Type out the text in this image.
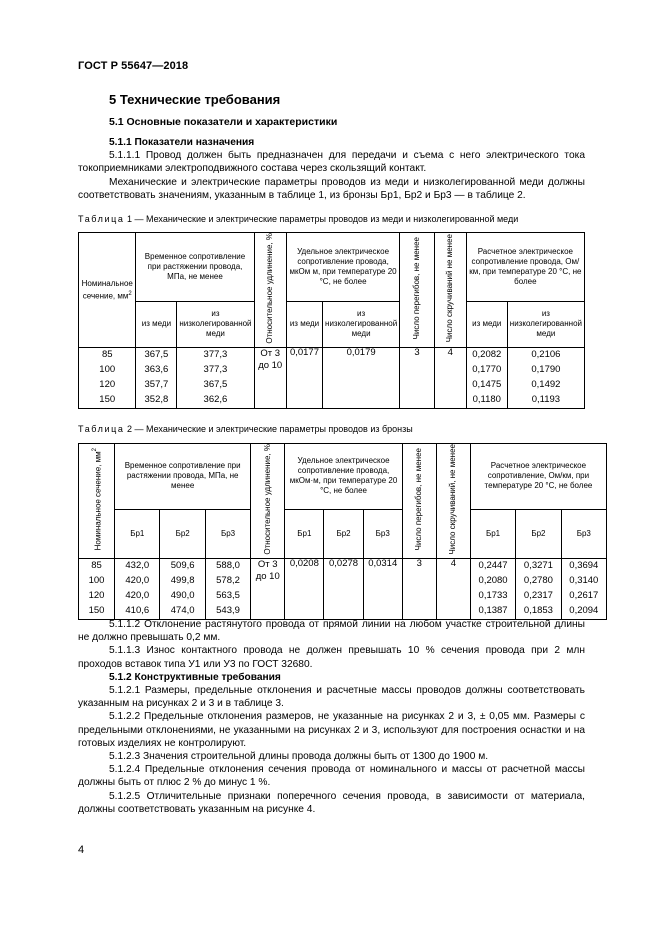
ГОСТ Р 55647—2018
5 Технические требования
5.1 Основные показатели и характеристики
5.1.1 Показатели назначения

5.1.1.1 Провод должен быть предназначен для передачи и съема с него электрического тока токоприемниками электроподвижного состава через скользящий контакт.

Механические и электрические параметры проводов из меди и низколегированной меди должны соответствовать значениям, указанным в таблице 1, из бронзы Бр1, Бр2 и Бр3 — в таблице 2.

Таблица 1 — Механические и электрические параметры проводов из меди и низколегированной меди
Номинальное сечение, $мм^2$	Временное сопротивление при растяжении провода, МПа, не менее		Относительное удлинение, %	Удельное электрическое сопротивление провода, мкОм м, при температуре 20 °С, не более		Число перегибов, не менее	Число скручиваний не менее	Расчетное электрическое сопротивление провода, Ом/км, при температуре 20 °С, не более	
	из меди	из низколегированной меди		из меди	из низколегированной меди			из меди	из низколегированной меди
85	367,5	377,3	От 3 до 10	0,0177	0,0179	3	4	0,2082	0,2106
100	363,6	377,3						0,1770	0,1790
120	357,7	367,5						0,1475	0,1492
150	352,8	362,6						0,1180	0,1193
Таблица 2 — Механические и электрические параметры проводов из бронзы
Номинальное сечение, $мм^2$	Временное сопротивление при растяжении провода, МПа, не менее			Относительное удлинение, %	Удельное электрическое сопротивление провода, мкОм·м, при температуре 20 °С, не более			Число перегибов, не менее	Число скручиваний, не менее	Расчетное электрическое сопротивление, Ом/км, при температуре 20 °С, не более		
	Бр1	Бр2	Бр3		Бр1	Бр2	Бр3			Бр1	Бр2	Бр3
85	432,0	509,6	588,0	От 3 до 10	0,0208	0,0278	0,0314	3	4	0,2447	0,3271	0,3694
100	420,0	499,8	578,2							0,2080	0,2780	0,3140
120	420,0	490,0	563,5							0,1733	0,2317	0,2617
150	410,6	474,0	543,9							0,1387	0,1853	0,2094

5.1.1.2 Отклонение растянутого провода от прямой линии на любом участке строительной длины не должно превышать 0,2 мм.

5.1.1.3 Износ контактного провода не должен превышать 10 % сечения провода при 2 млн проходов вставок типа У1 или У3 по ГОСТ 32680.

5.1.2 Конструктивные требования

5.1.2.1 Размеры, предельные отклонения и расчетные массы проводов должны соответствовать указанным на рисунках 2 и 3 и в таблице 3.

5.1.2.2 Предельные отклонения размеров, не указанные на рисунках 2 и 3, ± 0,05 мм. Размеры с предельными отклонениями, не указанными на рисунках 2 и 3, используют для построения оснастки и на готовых изделиях не контролируют.

5.1.2.3 Значения строительной длины провода должны быть от 1300 до 1900 м.

5.1.2.4 Предельные отклонения сечения провода от номинального и массы от расчетной массы должны быть от плюс 2 % до минус 1 %.

5.1.2.5 Отличительные признаки поперечного сечения провода, в зависимости от материала, должны соответствовать указанным на рисунке 4.

4
